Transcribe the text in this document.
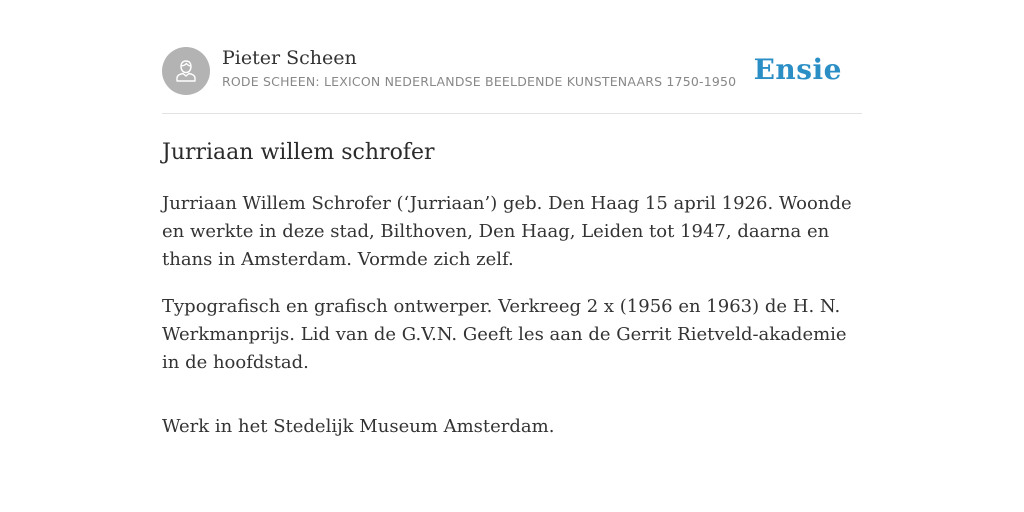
Pieter Scheen
RODE SCHEEN: LEXICON NEDERLANDSE BEELDENDE KUNSTENAARS 1750-1950 Ensie
Jurriaan willem schrofer

Jurriaan Willem Schrofer (‘Jurriaan’) geb. Den Haag 15 april 1926. Woonde en werkte in deze stad, Bilthoven, Den Haag, Leiden tot 1947, daarna en thans in Amsterdam. Vormde zich zelf.

Typografisch en grafisch ontwerper. Verkreeg 2 x (1956 en 1963) de H. N. Werkmanprijs. Lid van de G.V.N. Geeft les aan de Gerrit Rietveld-akademie in de hoofdstad.

Werk in het Stedelijk Museum Amsterdam.
